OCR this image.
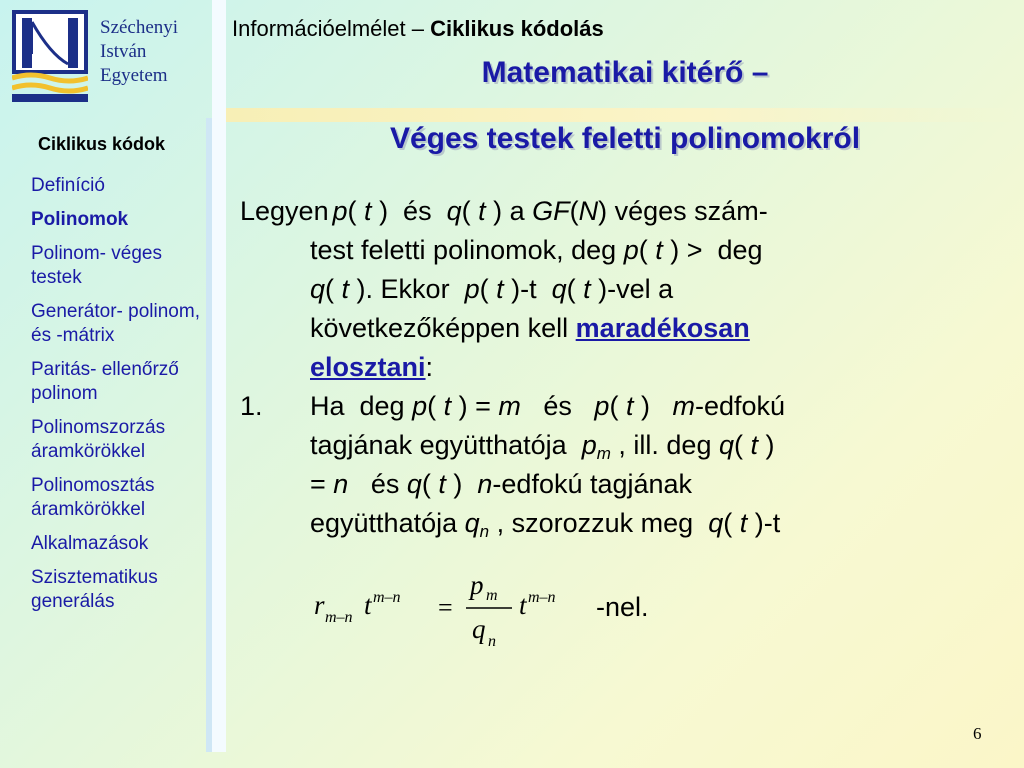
Széchenyi
István
Egyetem
Információelmélet – Ciklikus kódolás
Matematikai kitérő –
Véges testek feletti polinomokról
Ciklikus kódok
Definíció
Polinomok
Polinom- véges testek
Generátor- polinom, és -mátrix
Paritás- ellenőrző polinom
Polinomszorzás áramkörökkel
Polinomosztás áramkörökkel
Alkalmazások
Szisztematikus generálás
Legyen p( t )  és  q( t ) a GF(N) véges szám-
test feletti polinomok, deg p( t ) >  deg
q( t ). Ekkor  p( t )-t  q( t )-vel a
következőképpen kell maradékosan
elosztani:
1. Ha  deg p( t ) = m   és   p( t )   m-edfokú
tagjának együtthatója  $p_m$ , ill. deg q( t )
= n   és q( t )  n-edfokú tagjának
együtthatója $q_n$ , szorozzuk meg  q( t )-t
r m–n t m–n =
p m
q n
t m–n -nel.
6
